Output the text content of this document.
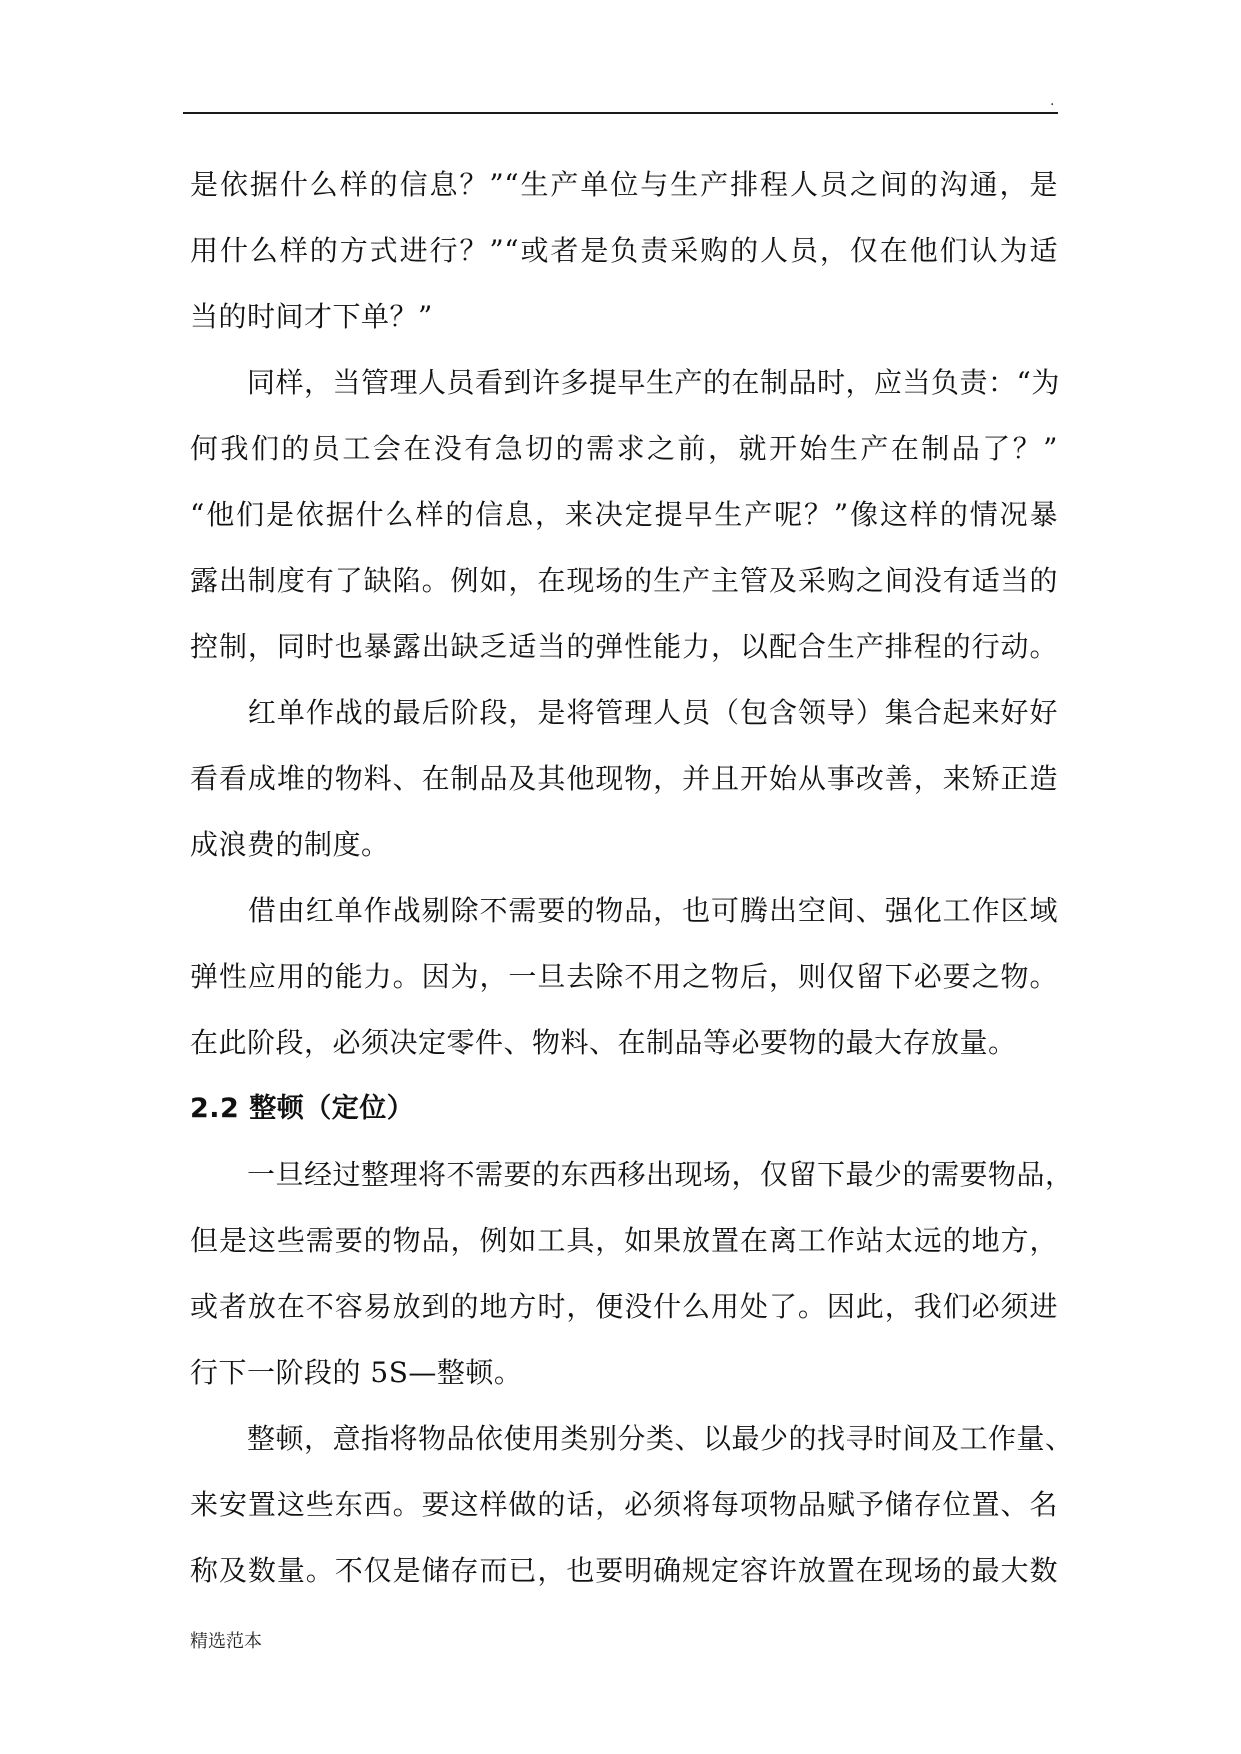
.
是依据什么样的信息？”“生产单位与生产排程人员之间的沟通，是
用什么样的方式进行？”“或者是负责采购的人员，仅在他们认为适
当的时间才下单？”
　　同样，当管理人员看到许多提早生产的在制品时，应当负责：“为
何我们的员工会在没有急切的需求之前，就开始生产在制品了？”
“他们是依据什么样的信息，来决定提早生产呢？”像这样的情况暴
露出制度有了缺陷。例如，在现场的生产主管及采购之间没有适当的
控制，同时也暴露出缺乏适当的弹性能力，以配合生产排程的行动。
　　红单作战的最后阶段，是将管理人员（包含领导）集合起来好好
看看成堆的物料、在制品及其他现物，并且开始从事改善，来矫正造
成浪费的制度。
　　借由红单作战剔除不需要的物品，也可腾出空间、强化工作区域
弹性应用的能力。因为，一旦去除不用之物后，则仅留下必要之物。
在此阶段，必须决定零件、物料、在制品等必要物的最大存放量。
2.2 整顿（定位）
　　一旦经过整理将不需要的东西移出现场，仅留下最少的需要物品，
但是这些需要的物品，例如工具，如果放置在离工作站太远的地方，
或者放在不容易放到的地方时，便没什么用处了。因此，我们必须进
行下一阶段的 5S—整顿。
　　整顿，意指将物品依使用类别分类、以最少的找寻时间及工作量、
来安置这些东西。要这样做的话，必须将每项物品赋予储存位置、名
称及数量。不仅是储存而已，也要明确规定容许放置在现场的最大数
精选范本
